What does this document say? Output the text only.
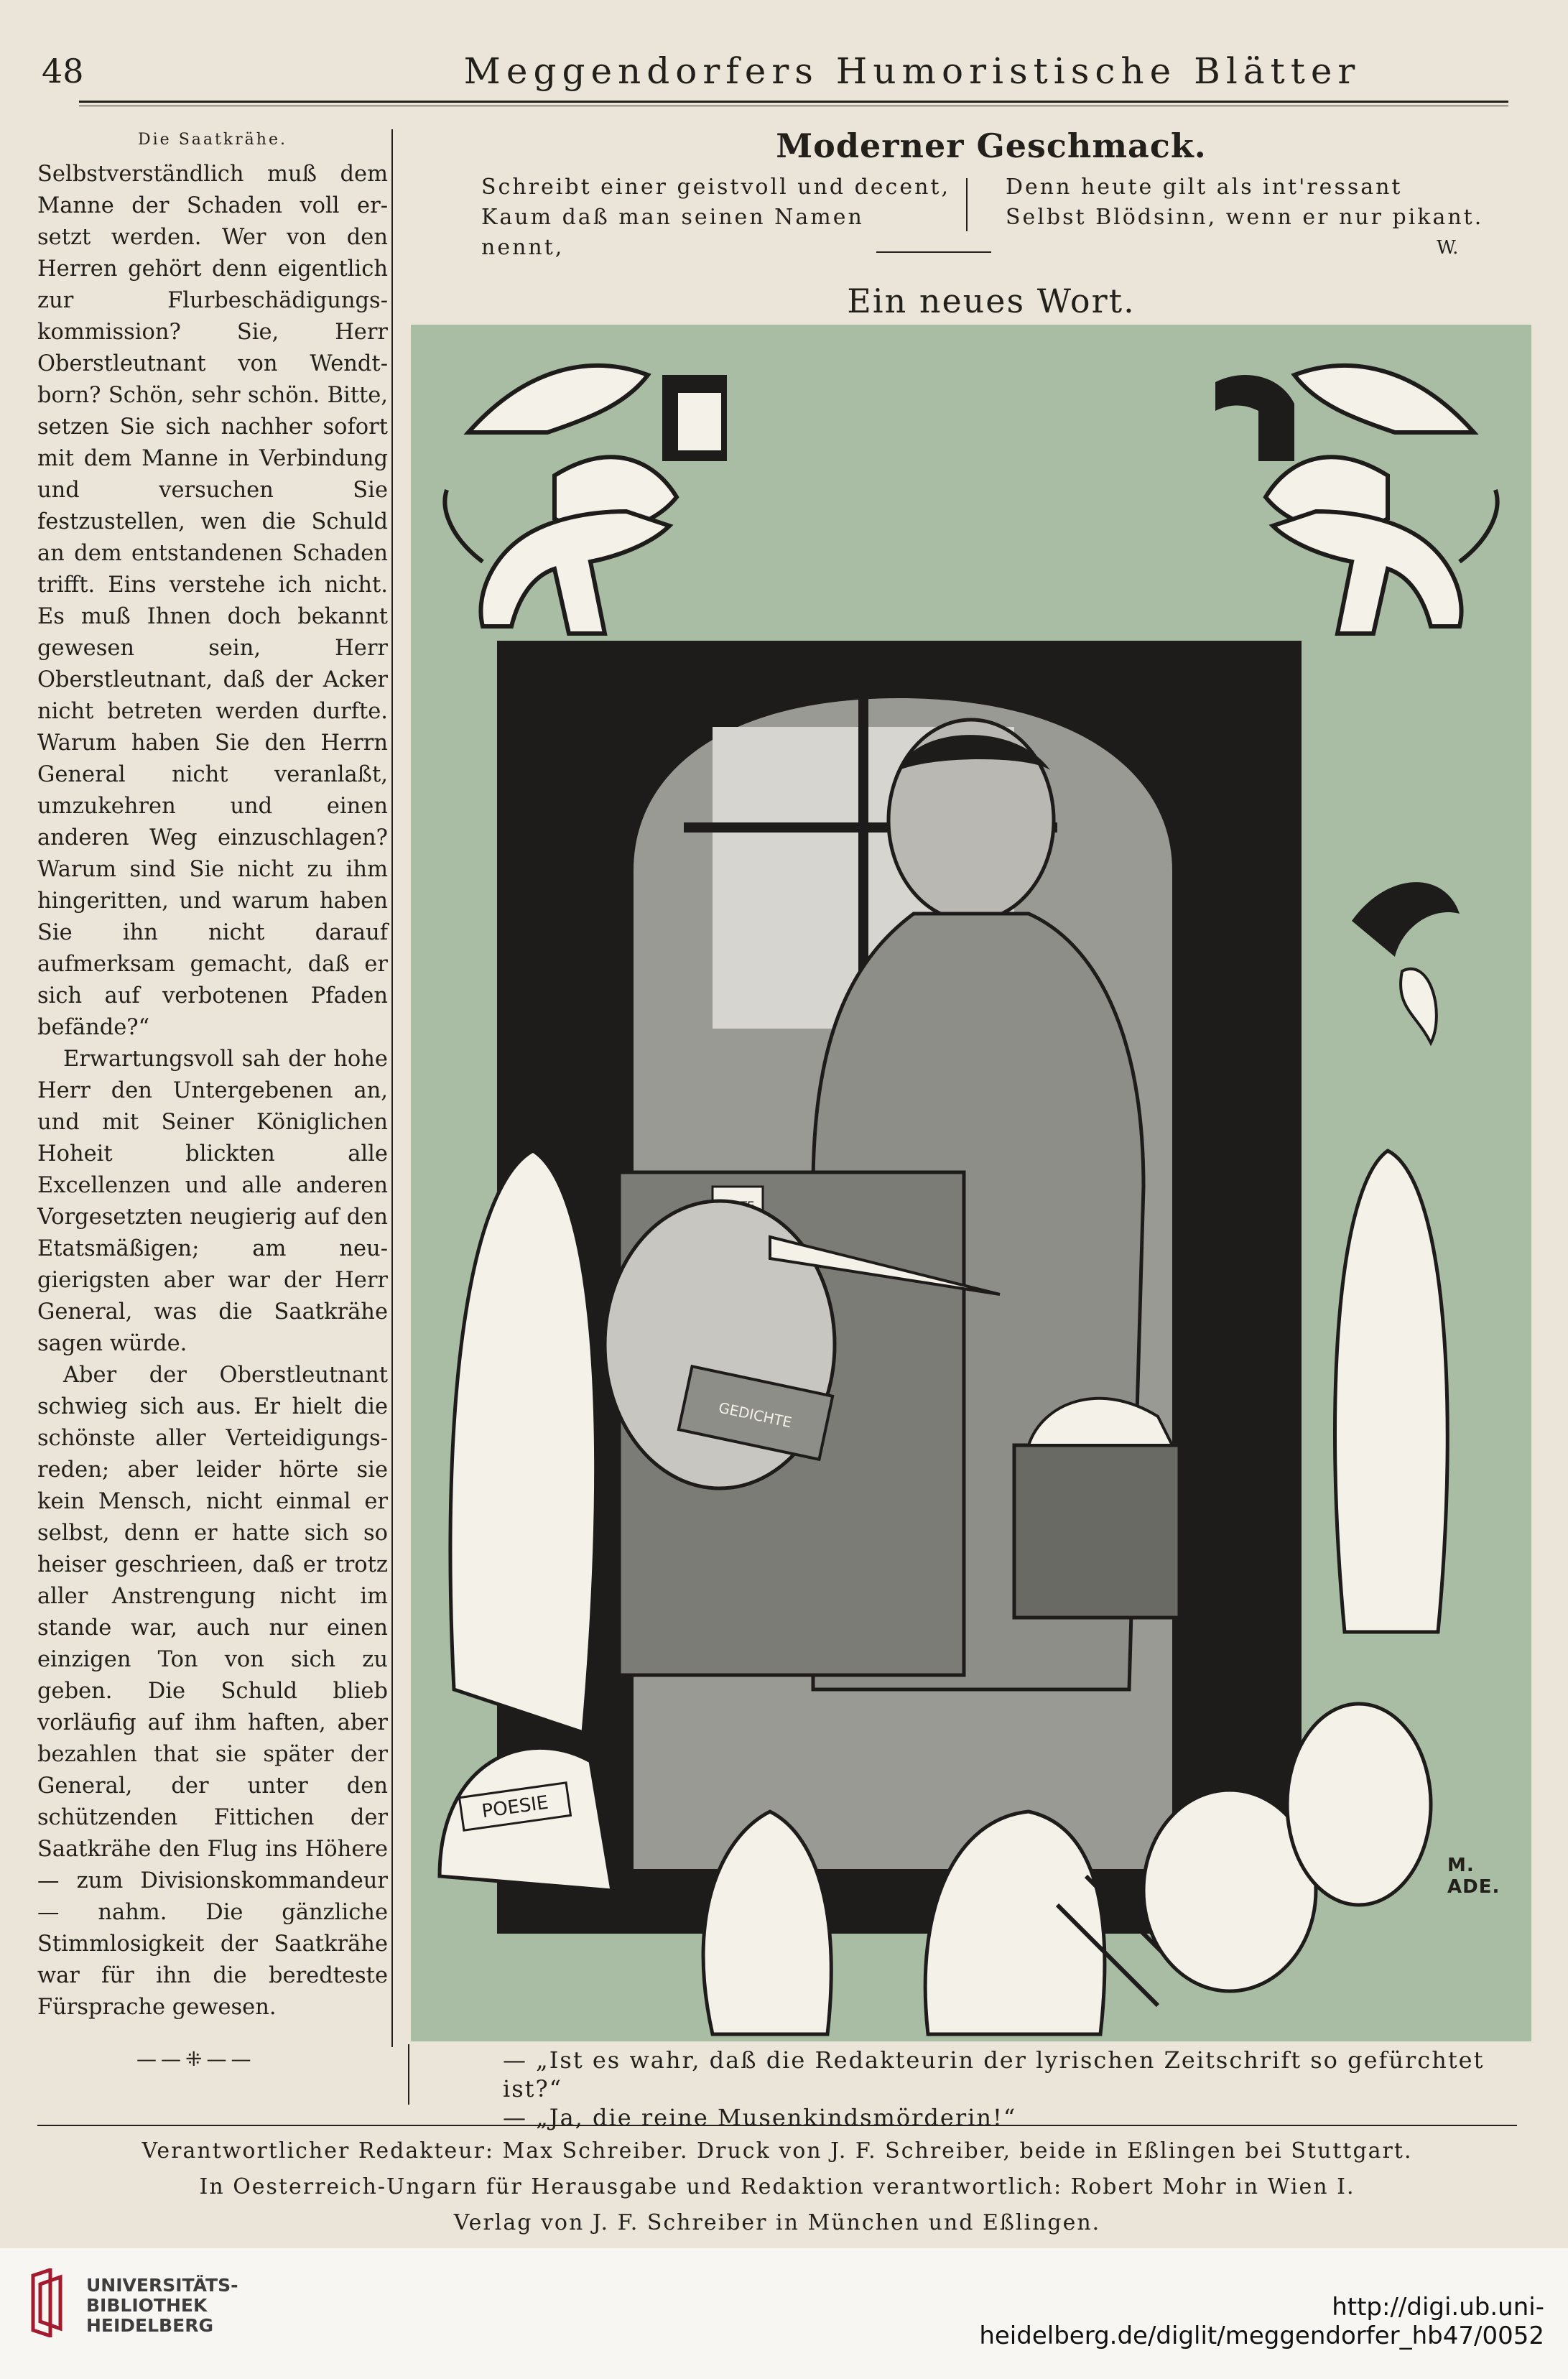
48	Meggendorfers Humoristische Blätter
Die Saatkrähe.

Selbstverständlich muß dem Manne der Schaden voll ersetzt werden. Wer von den Herren gehört denn eigentlich zur Flurbeschädigungskommission? Sie, Herr Oberstleutnant von Wendtborn? Schön, sehr schön. Bitte, setzen Sie sich nachher sofort mit dem Manne in Verbindung und versuchen Sie festzustellen, wen die Schuld an dem entstandenen Schaden trifft. Eins verstehe ich nicht. Es muß Ihnen doch bekannt gewesen sein, Herr Oberstleutnant, daß der Acker nicht betreten werden durfte. Warum haben Sie den Herrn General nicht veranlaßt, umzukehren und einen anderen Weg einzuschlagen? Warum sind Sie nicht zu ihm hingeritten, und warum haben Sie ihn nicht darauf aufmerksam gemacht, daß er sich auf verbotenen Pfaden befände?“

Erwartungsvoll sah der hohe Herr den Untergebenen an, und mit Seiner Königlichen Hoheit blickten alle Excellenzen und alle anderen Vorgesetzten neugierig auf den Etatsmäßigen; am neugierigsten aber war der Herr General, was die Saatkrähe sagen würde.

Aber der Oberstleutnant schwieg sich aus. Er hielt die schönste aller Verteidigungsreden; aber leider hörte sie kein Mensch, nicht einmal er selbst, denn er hatte sich so heiser geschrieen, daß er trotz aller Anstrengung nicht im stande war, auch nur einen einzigen Ton von sich zu geben. Die Schuld blieb vorläufig auf ihm haften, aber bezahlen that sie später der General, der unter den schützenden Fittichen der Saatkrähe den Flug ins Höhere — zum Divisionskommandeur — nahm. Die gänzliche Stimmlosigkeit der Saatkrähe war für ihn die beredteste Fürsprache gewesen.

——⁜——
Moderner Geschmack.
Schreibt einer geistvoll und decent,
Kaum daß man seinen Namen nennt,
Denn heute gilt als int'ressant
Selbst Blödsinn, wenn er nur pikant.
W.
Ein neues Wort.
GEDICHTE
POESIE
M. ADE.
— „Ist es wahr, daß die Redakteurin der lyrischen Zeitschrift so gefürchtet ist?“
— „Ja, die reine Musenkindsmörderin!“
Verantwortlicher Redakteur: Max Schreiber. Druck von J. F. Schreiber, beide in Eßlingen bei Stuttgart.
In Oesterreich-Ungarn für Herausgabe und Redaktion verantwortlich: Robert Mohr in Wien I.
Verlag von J. F. Schreiber in München und Eßlingen.
UNIVERSITÄTS-
BIBLIOTHEK
HEIDELBERG
http://digi.ub.uni-heidelberg.de/diglit/meggendorfer_hb47/0052
